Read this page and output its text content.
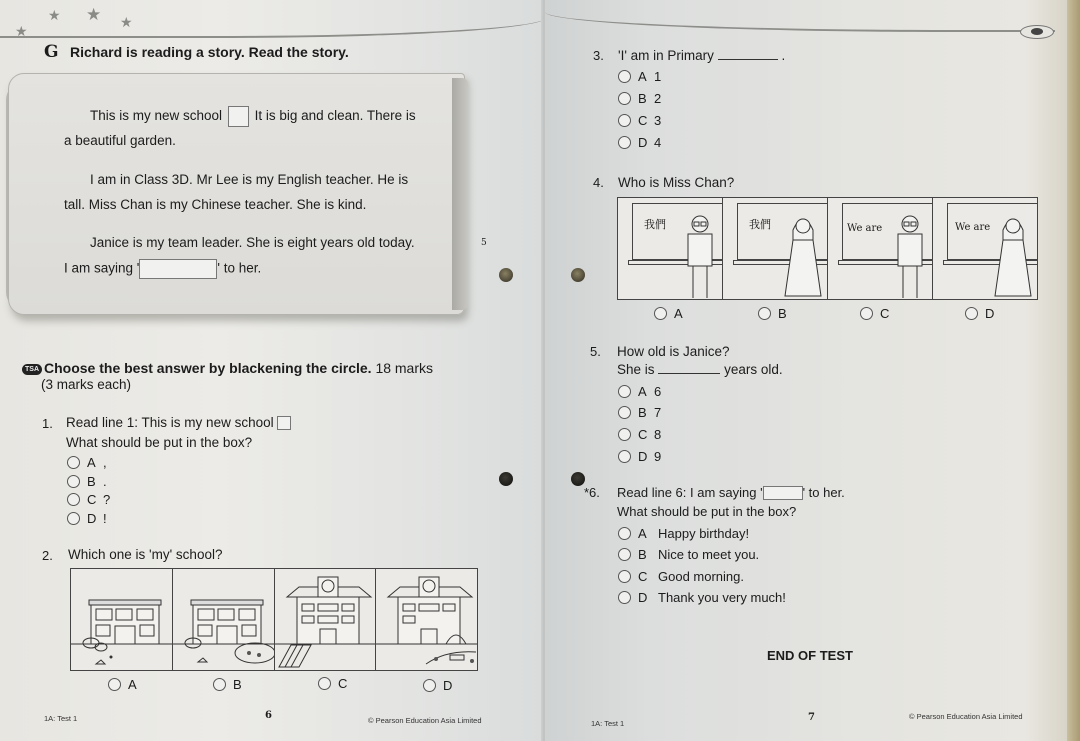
★ ★ ★
★
G Richard is reading a story. Read the story.
This is my new school It is big and clean. There is
a beautiful garden.
I am in Class 3D. Mr Lee is my English teacher. He is
tall. Miss Chan is my Chinese teacher. She is kind.
Janice is my team leader. She is eight years old today.	5
I am saying '	' to her.
TSA Choose the best answer by blackening the circle. 18 marks
(3 marks each)
1. Read line 1: This is my new school
What should be put in the box?
A ,
B .
C ?
D !
2. Which one is 'my' school?
A	B	C	D
1A: Test 1	6	© Pearson Education Asia Limited
3. 'I' am in Primary	.
A 1
B 2
C 3
D 4
4. Who is Miss Chan?
我們	我們	We are	We are
A	B	C	D
5. How old is Janice?
She is	years old.
A 6
B 7
C 8
D 9
*6. Read line 6: I am saying '	' to her.
What should be put in the box?
A Happy birthday!
B Nice to meet you.
C Good morning.
D Thank you very much!
END OF TEST
1A: Test 1
7	© Pearson Education Asia Limited
